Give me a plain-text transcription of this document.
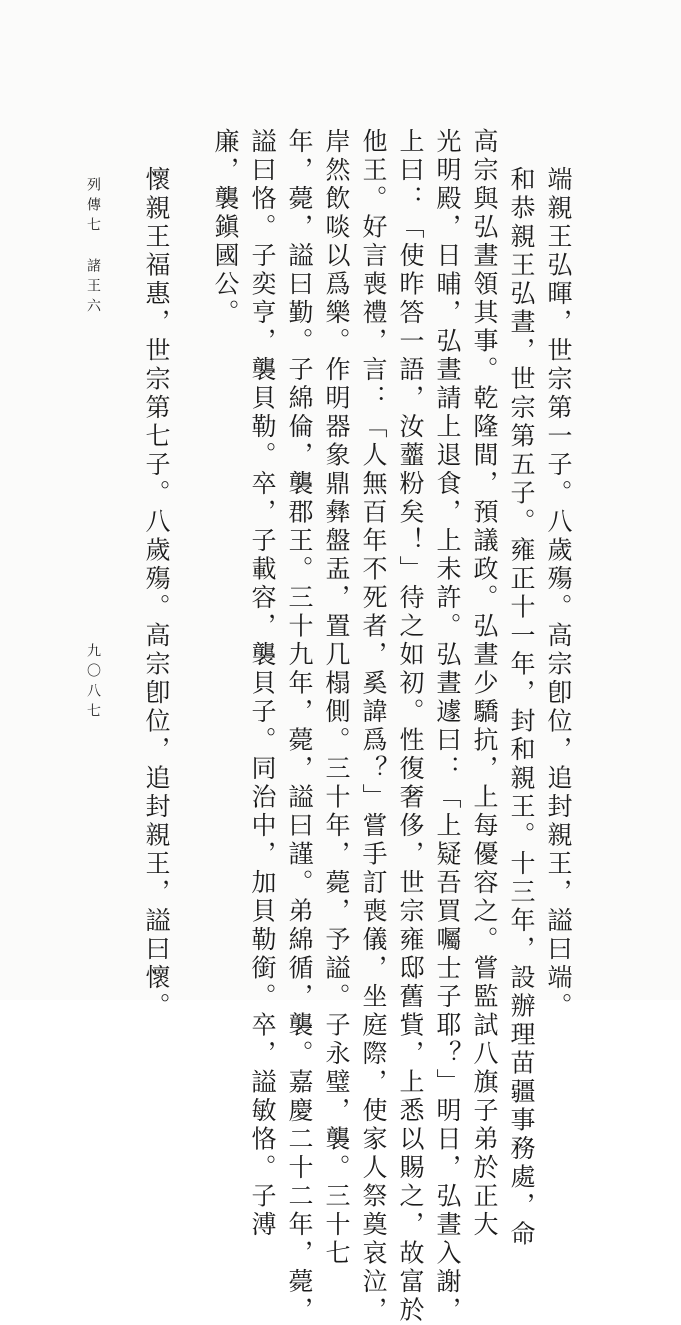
端親王弘暉，世宗第一子。八歲殤。高宗卽位，追封親王，謚曰端。
和恭親王弘晝，世宗第五子。雍正十一年，封和親王。十三年，設辦理苗疆事務處，命
高宗與弘晝領其事。乾隆間，預議政。弘晝少驕抗，上每優容之。嘗監試八旗子弟於正大
光明殿，日晡，弘晝請上退食，上未許。弘晝遽曰：「上疑吾買囑士子耶？」明日，弘晝入謝，
上曰：「使昨答一語，汝虀粉矣！」待之如初。性復奢侈，世宗雍邸舊貲，上悉以賜之，故富於
他王。好言喪禮，言：「人無百年不死者，奚諱爲？」嘗手訂喪儀，坐庭際，使家人祭奠哀泣，
岸然飲啖以爲樂。作明器象鼎彝盤盂，置几榻側。三十年，薨，予謚。子永璧，襲。三十七
年，薨，謚曰勤。子綿倫，襲郡王。三十九年，薨，謚曰謹。弟綿循，襲。嘉慶二十二年，薨，
謚曰恪。子奕亨，襲貝勒。卒，子載容，襲貝子。同治中，加貝勒銜。卒，謚敏恪。子溥
廉，襲鎭國公。
懷親王福惠，世宗第七子。八歲殤。高宗卽位，追封親王，謚曰懷。
列傳七
諸王六
九〇八七
